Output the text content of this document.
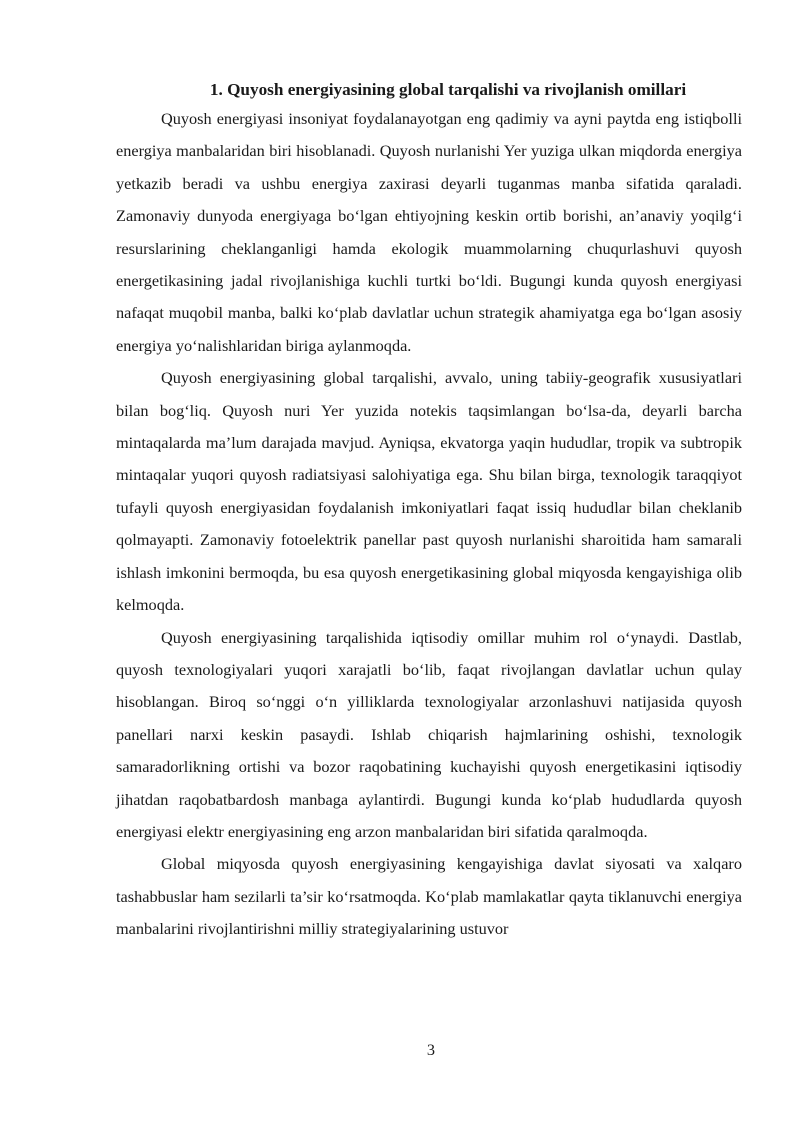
1. Quyosh energiyasining global tarqalishi va rivojlanish omillari

Quyosh energiyasi insoniyat foydalanayotgan eng qadimiy va ayni paytda eng istiqbolli energiya manbalaridan biri hisoblanadi. Quyosh nurlanishi Yer yuziga ulkan miqdorda energiya yetkazib beradi va ushbu energiya zaxirasi deyarli tuganmas manba sifatida qaraladi. Zamonaviy dunyoda energiyaga bo‘lgan ehtiyojning keskin ortib borishi, an’anaviy yoqilg‘i resurslarining cheklanganligi hamda ekologik muammolarning chuqurlashuvi quyosh energetikasining jadal rivojlanishiga kuchli turtki bo‘ldi. Bugungi kunda quyosh energiyasi nafaqat muqobil manba, balki ko‘plab davlatlar uchun strategik ahamiyatga ega bo‘lgan asosiy energiya yo‘nalishlaridan biriga aylanmoqda.

Quyosh energiyasining global tarqalishi, avvalo, uning tabiiy-geografik xususiyatlari bilan bog‘liq. Quyosh nuri Yer yuzida notekis taqsimlangan bo‘lsa-da, deyarli barcha mintaqalarda ma’lum darajada mavjud. Ayniqsa, ekvatorga yaqin hududlar, tropik va subtropik mintaqalar yuqori quyosh radiatsiyasi salohiyatiga ega. Shu bilan birga, texnologik taraqqiyot tufayli quyosh energiyasidan foydalanish imkoniyatlari faqat issiq hududlar bilan cheklanib qolmayapti. Zamonaviy fotoelektrik panellar past quyosh nurlanishi sharoitida ham samarali ishlash imkonini bermoqda, bu esa quyosh energetikasining global miqyosda kengayishiga olib kelmoqda.

Quyosh energiyasining tarqalishida iqtisodiy omillar muhim rol o‘ynaydi. Dastlab, quyosh texnologiyalari yuqori xarajatli bo‘lib, faqat rivojlangan davlatlar uchun qulay hisoblangan. Biroq so‘nggi o‘n yilliklarda texnologiyalar arzonlashuvi natijasida quyosh panellari narxi keskin pasaydi. Ishlab chiqarish hajmlarining oshishi, texnologik samaradorlikning ortishi va bozor raqobatining kuchayishi quyosh energetikasini iqtisodiy jihatdan raqobatbardosh manbaga aylantirdi. Bugungi kunda ko‘plab hududlarda quyosh energiyasi elektr energiyasining eng arzon manbalaridan biri sifatida qaralmoqda.

Global miqyosda quyosh energiyasining kengayishiga davlat siyosati va xalqaro tashabbuslar ham sezilarli ta’sir ko‘rsatmoqda. Ko‘plab mamlakatlar qayta tiklanuvchi energiya manbalarini rivojlantirishni milliy strategiyalarining ustuvor

3
